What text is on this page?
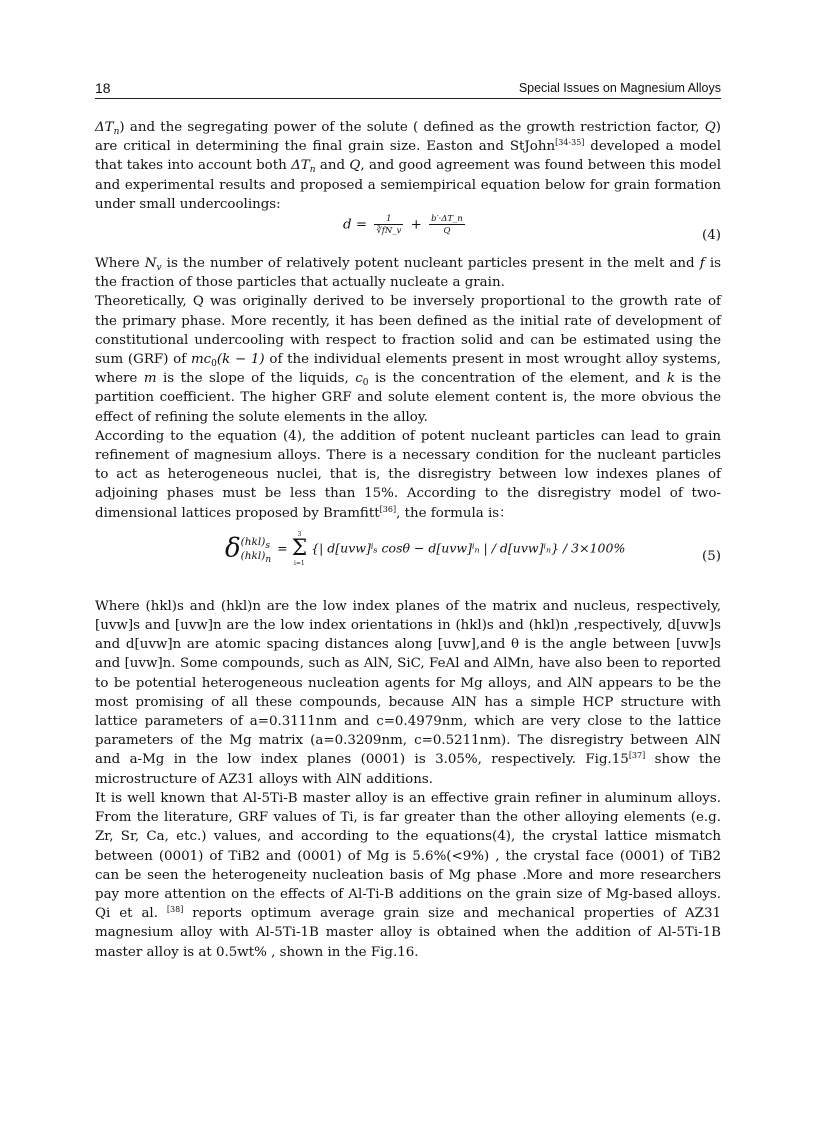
18	Special Issues on Magnesium Alloys

$\Delta T_n$) and the segregating power of the solute ( defined as the growth restriction factor, Q) are critical in determining the final grain size. Easton and StJohn[34-35] developed a model that takes into account both $\Delta T_n$ and Q, and good agreement was found between this model and experimental results and proposed a semiempirical equation below for grain formation under small undercoolings:

$d = \frac{1}{∛fN\_v} + \frac{b'\cdot\Delta T\_n}{Q}$	(4)

Where $N_v$ is the number of relatively potent nucleant particles present in the melt and f is the fraction of those particles that actually nucleate a grain.

Theoretically, Q was originally derived to be inversely proportional to the growth rate of the primary phase. More recently, it has been defined as the initial rate of development of constitutional undercooling with respect to fraction solid and can be estimated using the sum (GRF) of $mc_0(k - 1)$ of the individual elements present in most wrought alloy systems, where m is the slope of the liquids, $c_0$ is the concentration of the element, and k is the partition coefficient. The higher GRF and solute element content is, the more obvious the effect of refining the solute elements in the alloy.

According to the equation (4), the addition of potent nucleant particles can lead to grain refinement of magnesium alloys. There is a necessary condition for the nucleant particles to act as heterogeneous nuclei, that is, the disregistry between low indexes planes of adjoining phases must be less than 15%. According to the disregistry model of two-dimensional lattices proposed by Bramfitt[36], the formula is：

$\delta(hkl)_s$
$(hkl)_n$ =
3
Σ
i=1
{| d[uvw]ⁱₛ cosθ − d[uvw]ⁱₙ | / d[uvw]ⁱₙ} / 3×100%
(5)

Where (hkl)s and (hkl)n are the low index planes of the matrix and nucleus, respectively,[uvw]s and [uvw]n are the low index orientations in (hkl)s and (hkl)n ,respectively, d[uvw]s and d[uvw]n are atomic spacing distances along [uvw],and θ is the angle between [uvw]s and [uvw]n. Some compounds, such as AlN, SiC, FeAl and AlMn, have also been to reported to be potential heterogeneous nucleation agents for Mg alloys, and AlN appears to be the most promising of all these compounds, because AlN has a simple HCP structure with lattice parameters of a=0.3111nm and c=0.4979nm, which are very close to the lattice parameters of the Mg matrix (a=0.3209nm, c=0.5211nm). The disregistry between AlN and a-Mg in the low index planes (0001) is 3.05%, respectively. Fig.15[37] show the microstructure of AZ31 alloys with AlN additions.

It is well known that Al-5Ti-B master alloy is an effective grain refiner in aluminum alloys. From the literature, GRF values of Ti, is far greater than the other alloying elements (e.g. Zr, Sr, Ca, etc.) values, and according to the equations(4), the crystal lattice mismatch between (0001) of TiB2 and (0001) of Mg is 5.6%(<9%) , the crystal face (0001) of TiB2 can be seen the heterogeneity nucleation basis of Mg phase .More and more researchers pay more attention on the effects of Al-Ti-B additions on the grain size of Mg-based alloys. Qi et al. [38] reports optimum average grain size and mechanical properties of AZ31 magnesium alloy with Al-5Ti-1B master alloy is obtained when the addition of Al-5Ti-1B master alloy is at 0.5wt% , shown in the Fig.16.
